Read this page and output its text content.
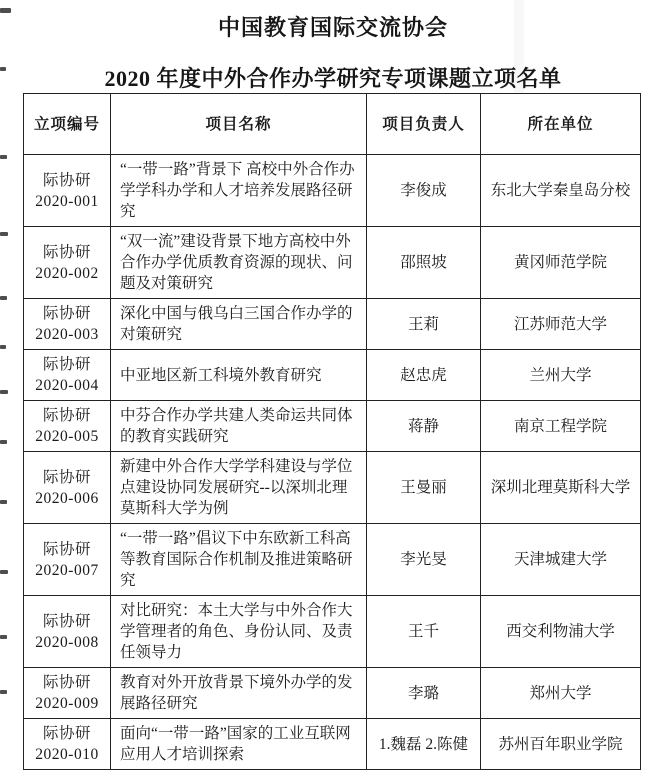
中国教育国际交流协会
2020 年度中外合作办学研究专项课题立项名单
立项编号	项目名称	项目负责人	所在单位
际协研 2020-001	“一带一路”背景下 高校中外合作办学学科办学和人才培养发展路径研究	李俊成	东北大学秦皇岛分校
际协研 2020-002	“双一流”建设背景下地方高校中外合作办学优质教育资源的现状、问题及对策研究	邵照坡	黄冈师范学院
际协研 2020-003	深化中国与俄乌白三国合作办学的对策研究	王莉	江苏师范大学
际协研 2020-004	中亚地区新工科境外教育研究	赵忠虎	兰州大学
际协研 2020-005	中芬合作办学共建人类命运共同体的教育实践研究	蒋静	南京工程学院
际协研 2020-006	新建中外合作大学学科建设与学位点建设协同发展研究--以深圳北理莫斯科大学为例	王曼丽	深圳北理莫斯科大学
际协研 2020-007	“一带一路”倡议下中东欧新工科高等教育国际合作机制及推进策略研究	李光旻	天津城建大学
际协研 2020-008	对比研究：本土大学与中外合作大学管理者的角色、身份认同、及责任领导力	王千	西交利物浦大学
际协研 2020-009	教育对外开放背景下境外办学的发展路径研究	李璐	郑州大学
际协研 2020-010	面向“一带一路”国家的工业互联网应用人才培训探索	1.魏磊 2.陈健	苏州百年职业学院
